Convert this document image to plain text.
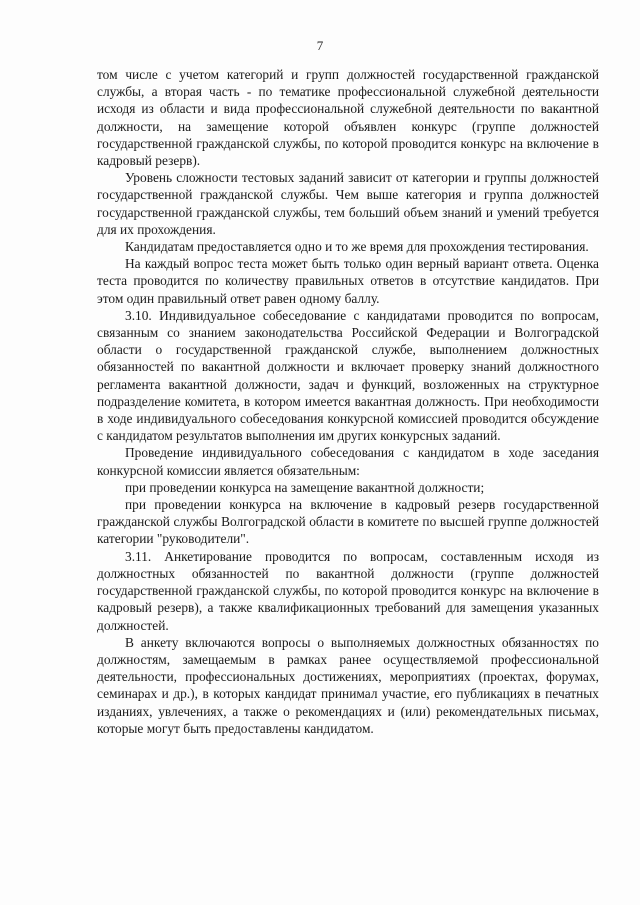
7

том числе с учетом категорий и групп должностей государственной гражданской службы, а вторая часть - по тематике профессиональной служебной деятельности исходя из области и вида профессиональной служебной деятельности по вакантной должности, на замещение которой объявлен конкурс (группе должностей государственной гражданской службы, по которой проводится конкурс на включение в кадровый резерв).

Уровень сложности тестовых заданий зависит от категории и группы должностей государственной гражданской службы. Чем выше категория и группа должностей государственной гражданской службы, тем больший объем знаний и умений требуется для их прохождения.

Кандидатам предоставляется одно и то же время для прохождения тестирования.

На каждый вопрос теста может быть только один верный вариант ответа. Оценка теста проводится по количеству правильных ответов в отсутствие кандидатов. При этом один правильный ответ равен одному баллу.

3.10. Индивидуальное собеседование с кандидатами проводится по вопросам, связанным со знанием законодательства Российской Федерации и Волгоградской области о государственной гражданской службе, выполнением должностных обязанностей по вакантной должности и включает проверку знаний должностного регламента вакантной должности, задач и функций, возложенных на структурное подразделение комитета, в котором имеется вакантная должность. При необходимости в ходе индивидуального собеседования конкурсной комиссией проводится обсуждение с кандидатом результатов выполнения им других конкурсных заданий.

Проведение индивидуального собеседования с кандидатом в ходе заседания конкурсной комиссии является обязательным:

при проведении конкурса на замещение вакантной должности;

при проведении конкурса на включение в кадровый резерв государственной гражданской службы Волгоградской области в комитете по высшей группе должностей категории "руководители".

3.11. Анкетирование проводится по вопросам, составленным исходя из должностных обязанностей по вакантной должности (группе должностей государственной гражданской службы, по которой проводится конкурс на включение в кадровый резерв), а также квалификационных требований для замещения указанных должностей.

В анкету включаются вопросы о выполняемых должностных обязанностях по должностям, замещаемым в рамках ранее осуществляемой профессиональной деятельности, профессиональных достижениях, мероприятиях (проектах, форумах, семинарах и др.), в которых кандидат принимал участие, его публикациях в печатных изданиях, увлечениях, а также о рекомендациях и (или) рекомендательных письмах, которые могут быть предоставлены кандидатом.
